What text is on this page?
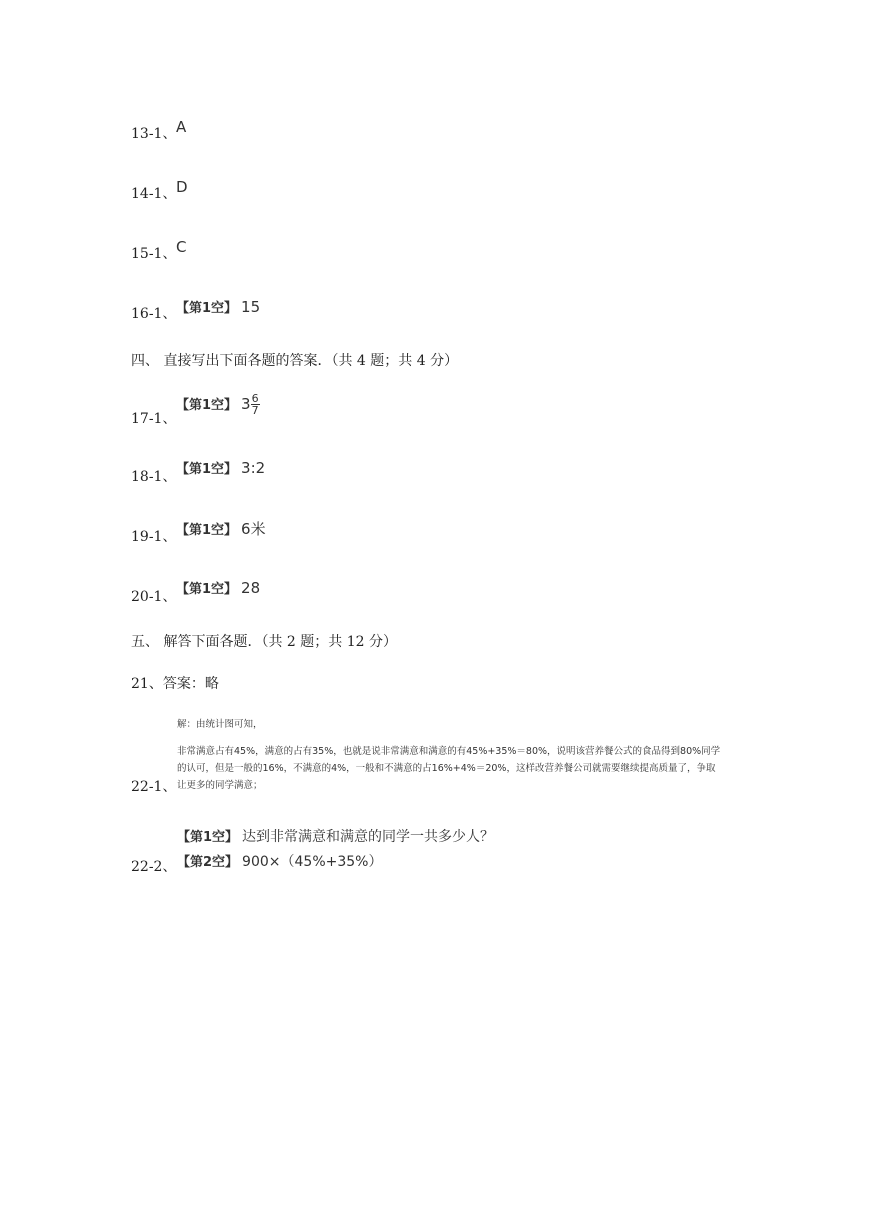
13-1、 A
14-1、 D
15-1、 C
16-1、 【第1空】 15
四、 直接写出下面各题的答案．（共 4 题；共 4 分）
17-1、
【第1空】 $3 \frac{6}{7}$
18-1、 【第1空】 3:2
19-1、 【第1空】 6米
20-1、 【第1空】 28
五、 解答下面各题．（共 2 题；共 12 分）
21、答案：略
解：由统计图可知，
非常满意占有45%，满意的占有35%，也就是说非常满意和满意的有45%+35%＝80%，说明该营养餐公式的食品得到80%同学
的认可，但是一般的16%，不满意的4%，一般和不满意的占16%+4%＝20%，这样改营养餐公司就需要继续提高质量了，争取
让更多的同学满意；
22-1、
【第1空】 达到非常满意和满意的同学一共多少人？
【第2空】 900×（45%+35%）
22-2、
